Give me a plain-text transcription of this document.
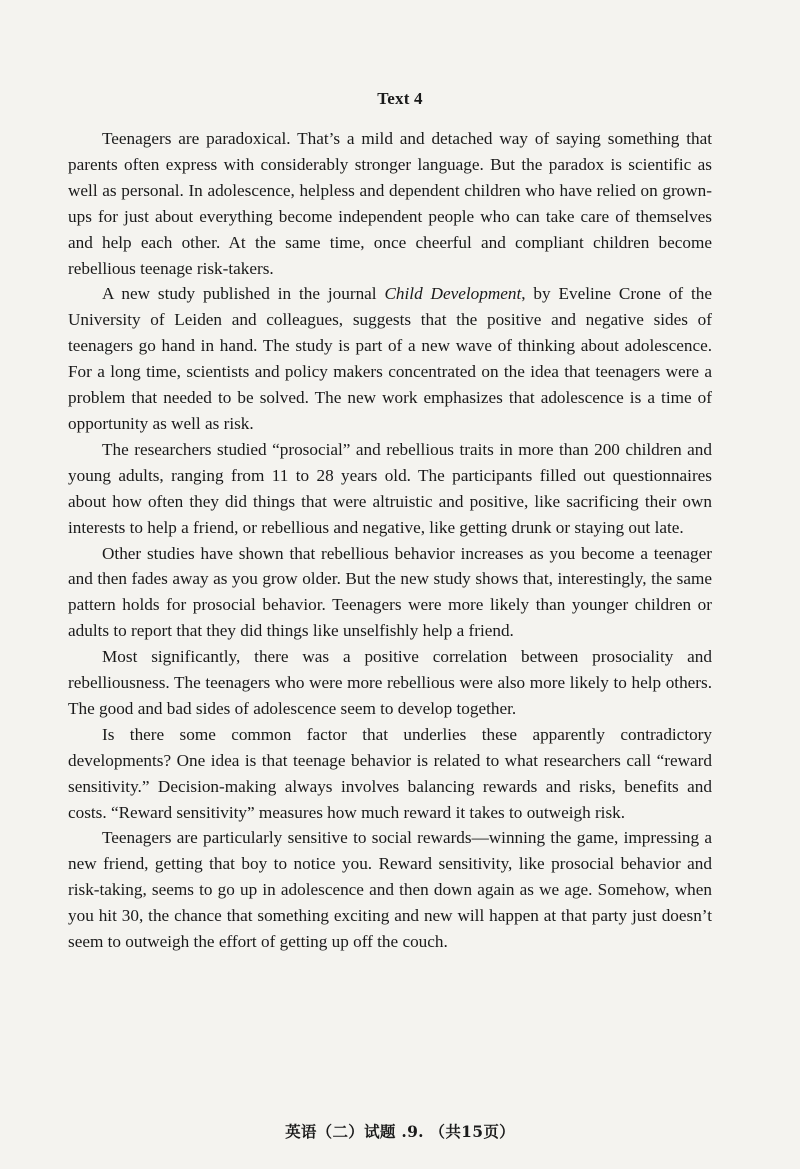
Text 4

Teenagers are paradoxical. That’s a mild and detached way of saying something that parents often express with considerably stronger language. But the paradox is scientific as well as personal. In adolescence, helpless and dependent children who have relied on grown-ups for just about everything become independent people who can take care of themselves and help each other. At the same time, once cheerful and compliant children become rebellious teenage risk-takers.

A new study published in the journal Child Development, by Eveline Crone of the University of Leiden and colleagues, suggests that the positive and negative sides of teenagers go hand in hand. The study is part of a new wave of thinking about adolescence. For a long time, scientists and policy makers concentrated on the idea that teenagers were a problem that needed to be solved. The new work emphasizes that adolescence is a time of opportunity as well as risk.

The researchers studied “prosocial” and rebellious traits in more than 200 children and young adults, ranging from 11 to 28 years old. The participants filled out questionnaires about how often they did things that were altruistic and positive, like sacrificing their own interests to help a friend, or rebellious and negative, like getting drunk or staying out late.

Other studies have shown that rebellious behavior increases as you become a teenager and then fades away as you grow older. But the new study shows that, interestingly, the same pattern holds for prosocial behavior. Teenagers were more likely than younger children or adults to report that they did things like unselfishly help a friend.

Most significantly, there was a positive correlation between prosociality and rebelliousness. The teenagers who were more rebellious were also more likely to help others. The good and bad sides of adolescence seem to develop together.

Is there some common factor that underlies these apparently contradictory developments? One idea is that teenage behavior is related to what researchers call “reward sensitivity.” Decision-making always involves balancing rewards and risks, benefits and costs. “Reward sensitivity” measures how much reward it takes to outweigh risk.

Teenagers are particularly sensitive to social rewards—winning the game, impressing a new friend, getting that boy to notice you. Reward sensitivity, like prosocial behavior and risk-taking, seems to go up in adolescence and then down again as we age. Somehow, when you hit 30, the chance that something exciting and new will happen at that party just doesn’t seem to outweigh the effort of getting up off the couch.

英语（二）试题 .9. （共15页）
